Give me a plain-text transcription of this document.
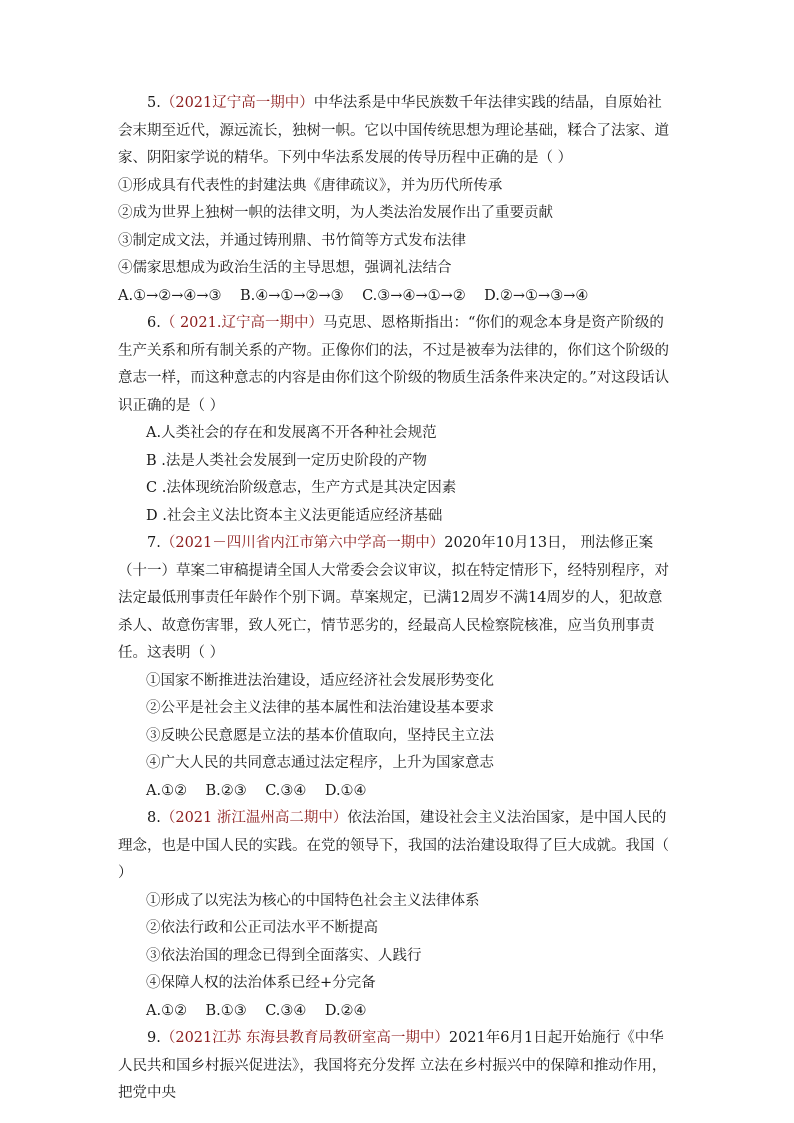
5.（2021辽宁高一期中）中华法系是中华民族数千年法律实践的结晶，自原始社会末期至近代，源远流长，独树一帜。它以中国传统思想为理论基础，糅合了法家、道家、阴阳家学说的精华。下列中华法系发展的传导历程中正确的是（ ）
①形成具有代表性的封建法典《唐律疏议》，并为历代所传承
②成为世界上独树一帜的法律文明，为人类法治发展作出了重要贡献
③制定成文法，并通过铸刑鼎、书竹简等方式发布法律
④儒家思想成为政治生活的主导思想，强调礼法结合
A.①→②→④→③    B.④→①→②→③    C.③→④→①→②    D.②→①→③→④
6.（ 2021.辽宁高一期中）马克思、恩格斯指出：“你们的观念本身是资产阶级的生产关系和所有制关系的产物。正像你们的法，不过是被奉为法律的，你们这个阶级的意志一样，而这种意志的内容是由你们这个阶级的物质生活条件来决定的。”对这段话认识正确的是（ ）
A.人类社会的存在和发展离不开各种社会规范
B .法是人类社会发展到一定历史阶段的产物
C .法体现统治阶级意志，生产方式是其决定因素
D .社会主义法比资本主义法更能适应经济基础
7.（2021－四川省内江市第六中学高一期中）2020年10月13日， 刑法修正案（十一）草案二审稿提请全国人大常委会会议审议，拟在特定情形下，经特别程序，对法定最低刑事责任年龄作个别下调。草案规定，已满12周岁不满14周岁的人，犯故意杀人、故意伤害罪，致人死亡，情节恶劣的，经最高人民检察院核准，应当负刑事责任。这表明（ ）
①国家不断推进法治建设，适应经济社会发展形势变化
②公平是社会主义法律的基本属性和法治建设基本要求
③反映公民意愿是立法的基本价值取向，坚持民主立法
④广大人民的共同意志通过法定程序，上升为国家意志
A.①②    B.②③    C.③④    D.①④
8.（2021 浙江温州高二期中）依法治国，建设社会主义法治国家，是中国人民的理念，也是中国人民的实践。在党的领导下，我国的法治建设取得了巨大成就。我国（ ）
①形成了以宪法为核心的中国特色社会主义法律体系
②依法行政和公正司法水平不断提高
③依法治国的理念已得到全面落实、人践行
④保障人权的法治体系已经+分完备
A.①②    B.①③    C.③④    D.②④
9.（2021江苏 东海县教育局教研室高一期中）2021年6月1日起开始施行《中华人民共和国乡村振兴促进法》，我国将充分发挥 立法在乡村振兴中的保障和推动作用，把党中央
